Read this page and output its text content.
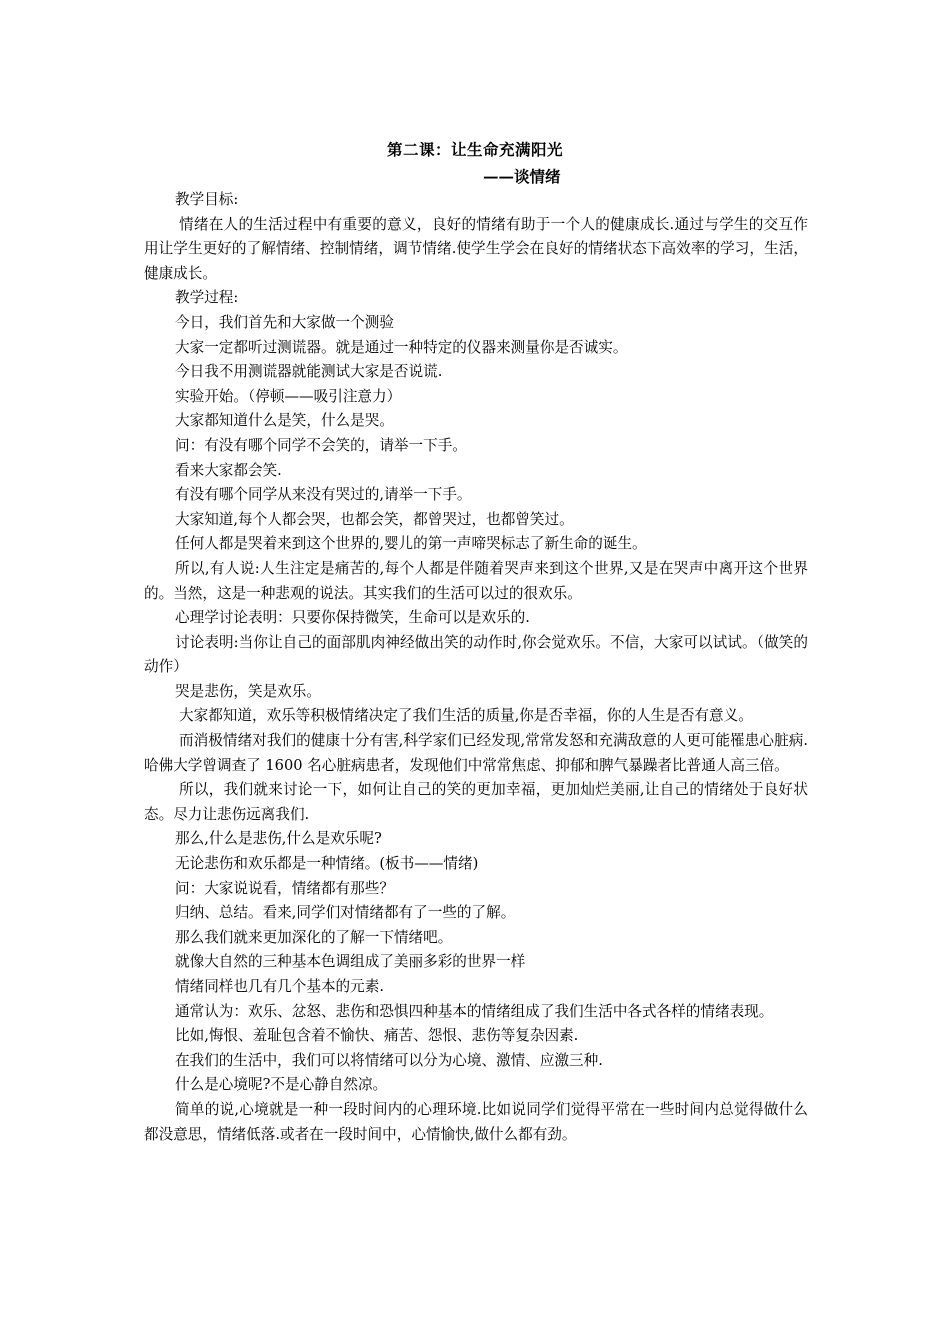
第二课：让生命充满阳光
——谈情绪

教学目标:

情绪在人的生活过程中有重要的意义，良好的情绪有助于一个人的健康成长.通过与学生的交互作用让学生更好的了解情绪、控制情绪，调节情绪.使学生学会在良好的情绪状态下高效率的学习，生活，健康成长。

教学过程:

今日，我们首先和大家做一个测验

大家一定都听过测谎器。就是通过一种特定的仪器来测量你是否诚实。

今日我不用测谎器就能测试大家是否说谎.

实验开始。（停顿——吸引注意力）

大家都知道什么是笑，什么是哭。

问：有没有哪个同学不会笑的，请举一下手。

看来大家都会笑.

有没有哪个同学从来没有哭过的,请举一下手。

大家知道,每个人都会哭，也都会笑，都曾哭过，也都曾笑过。

任何人都是哭着来到这个世界的,婴儿的第一声啼哭标志了新生命的诞生。

所以,有人说:人生注定是痛苦的,每个人都是伴随着哭声来到这个世界,又是在哭声中离开这个世界的。当然，这是一种悲观的说法。其实我们的生活可以过的很欢乐。

心理学讨论表明：只要你保持微笑，生命可以是欢乐的.

讨论表明:当你让自己的面部肌肉神经做出笑的动作时,你会觉欢乐。不信，大家可以试试。（做笑的动作）

哭是悲伤，笑是欢乐。

大家都知道，欢乐等积极情绪决定了我们生活的质量,你是否幸福，你的人生是否有意义。

而消极情绪对我们的健康十分有害,科学家们已经发现,常常发怒和充满敌意的人更可能罹患心脏病.哈佛大学曾调查了 1600 名心脏病患者，发现他们中常常焦虑、抑郁和脾气暴躁者比普通人高三倍。

所以，我们就来讨论一下，如何让自己的笑的更加幸福，更加灿烂美丽,让自己的情绪处于良好状态。尽力让悲伤远离我们.

那么,什么是悲伤,什么是欢乐呢?

无论悲伤和欢乐都是一种情绪。(板书——情绪)

问：大家说说看，情绪都有那些？

归纳、总结。看来,同学们对情绪都有了一些的了解。

那么我们就来更加深化的了解一下情绪吧。

就像大自然的三种基本色调组成了美丽多彩的世界一样

情绪同样也几有几个基本的元素.

通常认为：欢乐、忿怒、悲伤和恐惧四种基本的情绪组成了我们生活中各式各样的情绪表现。

比如,悔恨、羞耻包含着不愉快、痛苦、怨恨、悲伤等复杂因素.

在我们的生活中，我们可以将情绪可以分为心境、激情、应激三种.

什么是心境呢?不是心静自然凉。

简单的说,心境就是一种一段时间内的心理环境.比如说同学们觉得平常在一些时间内总觉得做什么都没意思，情绪低落.或者在一段时间中，心情愉快,做什么都有劲。
